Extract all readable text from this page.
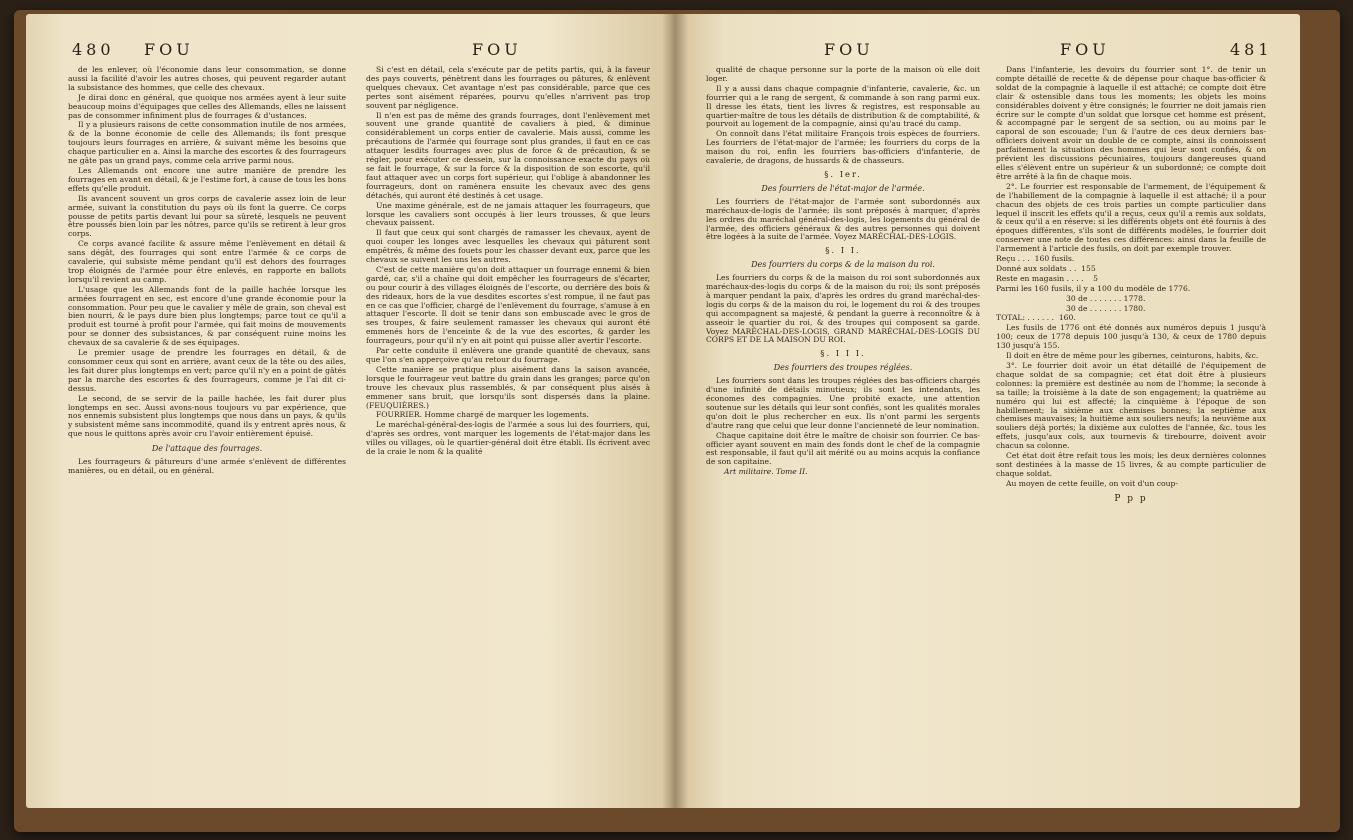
480 FOU	FOU

de les enlever, où l'économie dans leur consommation, se donne aussi la facilité d'avoir les autres choses, qui peuvent regarder autant la subsistance des hommes, que celle des chevaux.

Je dirai donc en général, que quoique nos armées ayent à leur suite beaucoup moins d'équipages que celles des Allemands, elles ne laissent pas de consommer infiniment plus de fourrages & d'ustances.

Il y a plusieurs raisons de cette consommation inutile de nos armées, & de la bonne économie de celle des Allemands; ils font presque toujours leurs fourrages en arrière, & suivant même les besoins que chaque particulier en a. Ainsi la marche des escortes & des fourrageurs ne gâte pas un grand pays, comme cela arrive parmi nous.

Les Allemands ont encore une autre manière de prendre les fourrages en avant en détail, & je l'estime fort, à cause de tous les bons effets qu'elle produit.

Ils avancent souvent un gros corps de cavalerie assez loin de leur armée, suivant la constitution du pays où ils font la guerre. Ce corps pousse de petits partis devant lui pour sa sûreté, lesquels ne peuvent être poussés bien loin par les nôtres, parce qu'ils se retirent à leur gros corps.

Ce corps avancé facilite & assure même l'enlèvement en détail & sans dégât, des fourrages qui sont entre l'armée & ce corps de cavalerie, qui subsiste même pendant qu'il est dehors des fourrages trop éloignés de l'armée pour être enlevés, en rapporte en ballots lorsqu'il revient au camp.

L'usage que les Allemands font de la paille hachée lorsque les armées fourragent en sec, est encore d'une grande économie pour la consommation. Pour peu que le cavalier y mêle de grain, son cheval est bien nourri, & le pays dure bien plus longtemps; parce tout ce qu'il a produit est tourné à profit pour l'armée, qui fait moins de mouvements pour se donner des subsistances, & par conséquent ruine moins les chevaux de sa cavalerie & de ses équipages.

Le premier usage de prendre les fourrages en détail, & de consommer ceux qui sont en arrière, avant ceux de la tête ou des ailes, les fait durer plus longtemps en vert; parce qu'il n'y en a point de gâtés par la marche des escortes & des fourrageurs, comme je l'ai dit ci-dessus.

Le second, de se servir de la paille hachée, les fait durer plus longtemps en sec. Aussi avons-nous toujours vu par expérience, que nos ennemis subsistent plus longtemps que nous dans un pays, & qu'ils y subsistent même sans incommodité, quand ils y entrent après nous, & que nous le quittons après avoir cru l'avoir entièrement épuisé.

De l'attaque des fourrages.

Les fourrageurs & pâtureurs d'une armée s'enlèvent de différentes manières, ou en détail, ou en général.

Si c'est en détail, cela s'exécute par de petits partis, qui, à la faveur des pays couverts, pénètrent dans les fourrages ou pâtures, & enlèvent quelques chevaux. Cet avantage n'est pas considérable, parce que ces pertes sont aisément réparées, pourvu qu'elles n'arrivent pas trop souvent par négligence.

Il n'en est pas de même des grands fourrages, dont l'enlèvement met souvent une grande quantité de cavaliers à pied, & diminue considérablement un corps entier de cavalerie. Mais aussi, comme les précautions de l'armée qui fourrage sont plus grandes, il faut en ce cas attaquer lesdits fourrages avec plus de force & de précaution, & se régler, pour exécuter ce dessein, sur la connoissance exacte du pays où se fait le fourrage, & sur la force & la disposition de son escorte, qu'il faut attaquer avec un corps fort supérieur, qui l'oblige à abandonner les fourrageurs, dont on ramènera ensuite les chevaux avec des gens détachés, qui auront été destinés à cet usage.

Une maxime générale, est de ne jamais attaquer les fourrageurs, que lorsque les cavaliers sont occupés à lier leurs trousses, & que leurs chevaux paissent.

Il faut que ceux qui sont chargés de ramasser les chevaux, ayent de quoi couper les longes avec lesquelles les chevaux qui pâturent sont empêtrés, & même des fouets pour les chasser devant eux, parce que les chevaux se suivent les uns les autres.

C'est de cette manière qu'on doit attaquer un fourrage ennemi & bien gardé, car, s'il a chaîne qui doit empêcher les fourrageurs de s'écarter, ou pour courir à des villages éloignés de l'escorte, ou derrière des bois & des rideaux, hors de la vue desdites escortes s'est rompue, il ne faut pas en ce cas que l'officier, chargé de l'enlèvement du fourrage, s'amuse à en attaquer l'escorte. Il doit se tenir dans son embuscade avec le gros de ses troupes, & faire seulement ramasser les chevaux qui auront été emmenés hors de l'enceinte & de la vue des escortes, & garder les fourrageurs, pour qu'il n'y en ait point qui puisse aller avertir l'escorte.

Par cette conduite il enlèvera une grande quantité de chevaux, sans que l'on s'en apperçoive qu'au retour du fourrage.

Cette manière se pratique plus aisément dans la saison avancée, lorsque le fourrageur veut battre du grain dans les granges; parce qu'on trouve les chevaux plus rassemblés, & par conséquent plus aisés à emmener sans bruit, que lorsqu'ils sont dispersés dans la plaine. (FEUQUIÈRES.)

FOURRIER. Homme chargé de marquer les logements.

Le maréchal-général-des-logis de l'armée a sous lui des fourriers, qui, d'après ses ordres, vont marquer les logements de l'état-major dans les villes ou villages, où le quartier-général doit être établi. Ils écrivent avec de la craie le nom & la qualité

FOU	FOU	481

qualité de chaque personne sur la porte de la maison où elle doit loger.

Il y a aussi dans chaque compagnie d'infanterie, cavalerie, &c. un fourrier qui a le rang de sergent, & commande à son rang parmi eux. Il dresse les états, tient les livres & registres, est responsable au quartier-maître de tous les détails de distribution & de comptabilité, & pourvoit au logement de la compagnie, ainsi qu'au tracé du camp.

On connoît dans l'état militaire François trois espèces de fourriers. Les fourriers de l'état-major de l'armée; les fourriers du corps de la maison du roi, enfin les fourriers bas-officiers d'infanterie, de cavalerie, de dragons, de hussards & de chasseurs.

§. Ier.

Des fourriers de l'état-major de l'armée.

Les fourriers de l'état-major de l'armée sont subordonnés aux maréchaux-de-logis de l'armée; ils sont préposés à marquer, d'après les ordres du maréchal général-des-logis, les logements du général de l'armée, des officiers généraux & des autres personnes qui doivent être logées à la suite de l'armée. Voyez MARÉCHAL-DES-LOGIS.

§. I I.

Des fourriers du corps & de la maison du roi.

Les fourriers du corps & de la maison du roi sont subordonnés aux maréchaux-des-logis du corps & de la maison du roi; ils sont préposés à marquer pendant la paix, d'après les ordres du grand maréchal-des-logis du corps & de la maison du roi, le logement du roi & des troupes qui accompagnent sa majesté, & pendant la guerre à reconnoître & à asseoir le quartier du roi, & des troupes qui composent sa garde. Voyez MARÉCHAL-DES-LOGIS, GRAND MARÉCHAL-DES-LOGIS DU CORPS ET DE LA MAISON DU ROI.

§. I I I.

Des fourriers des troupes réglées.

Les fourriers sont dans les troupes réglées des bas-officiers chargés d'une infinité de détails minutieux; ils sont les intendants, les économes des compagnies. Une probité exacte, une attention soutenue sur les détails qui leur sont confiés, sont les qualités morales qu'on doit le plus rechercher en eux. Ils n'ont parmi les sergents d'autre rang que celui que leur donne l'ancienneté de leur nomination.

Chaque capitaine doit être le maître de choisir son fourrier. Ce bas-officier ayant souvent en main des fonds dont le chef de la compagnie est responsable, il faut qu'il ait mérité ou au moins acquis la confiance de son capitaine.

Art militaire. Tome II.

Dans l'infanterie, les devoirs du fourrier sont 1°. de tenir un compte détaillé de recette & de dépense pour chaque bas-officier & soldat de la compagnie à laquelle il est attaché; ce compte doit être clair & ostensible dans tous les moments; les objets les moins considérables doivent y être consignés; le fourrier ne doit jamais rien écrire sur le compte d'un soldat que lorsque cet homme est présent, & accompagné par le sergent de sa section, ou au moins par le caporal de son escouade; l'un & l'autre de ces deux derniers bas-officiers doivent avoir un double de ce compte, ainsi ils connoissent parfaitement la situation des hommes qui leur sont confiés, & on prévient les discussions pécuniaires, toujours dangereuses quand elles s'élèvent entre un supérieur & un subordonné; ce compte doit être arrêté à la fin de chaque mois.

2°. Le fourrier est responsable de l'armement, de l'équipement & de l'habillement de la compagnie à laquelle il est attaché; il a pour chacun des objets de ces trois parties un compte particulier dans lequel il inscrit les effets qu'il a reçus, ceux qu'il a remis aux soldats, & ceux qu'il a en réserve: si les différents objets ont été fournis à des époques différentes, s'ils sont de différents modèles, le fourrier doit conserver une note de toutes ces différences: ainsi dans la feuille de l'armement à l'article des fusils, on doit par exemple trouver.

Reçu . . .  160 fusils.

Donné aux soldats . .  155

Reste en magasin . . . .    5

Parmi les 160 fusils, il y a 100 du modèle de 1776.

30 de . . . . . . . 1778.

30 de . . . . . . . 1780.

TOTAL: . . . . . .  160.

Les fusils de 1776 ont été donnés aux numéros depuis 1 jusqu'à 100; ceux de 1778 depuis 100 jusqu'à 130, & ceux de 1780 depuis 130 jusqu'à 155.

Il doit en être de même pour les gibernes, ceinturons, habits, &c.

3°. Le fourrier doit avoir un état détaillé de l'équipement de chaque soldat de sa compagnie; cet état doit être à plusieurs colonnes: la première est destinée au nom de l'homme; la seconde à sa taille; la troisième à la date de son engagement; la quatrième au numéro qui lui est affecté; la cinquième à l'époque de son habillement; la sixième aux chemises bonnes; la septième aux chemises mauvaises; la huitième aux souliers neufs; la neuvième aux souliers déjà portés; la dixième aux culottes de l'année, &c. tous les effets, jusqu'aux cols, aux tournevis & tirebourre, doivent avoir chacun sa colonne.

Cet état doit être refait tous les mois; les deux dernières colonnes sont destinées à la masse de 15 livres, & au compte particulier de chaque soldat.

Au moyen de cette feuille, on voit d'un coup-

P p p
